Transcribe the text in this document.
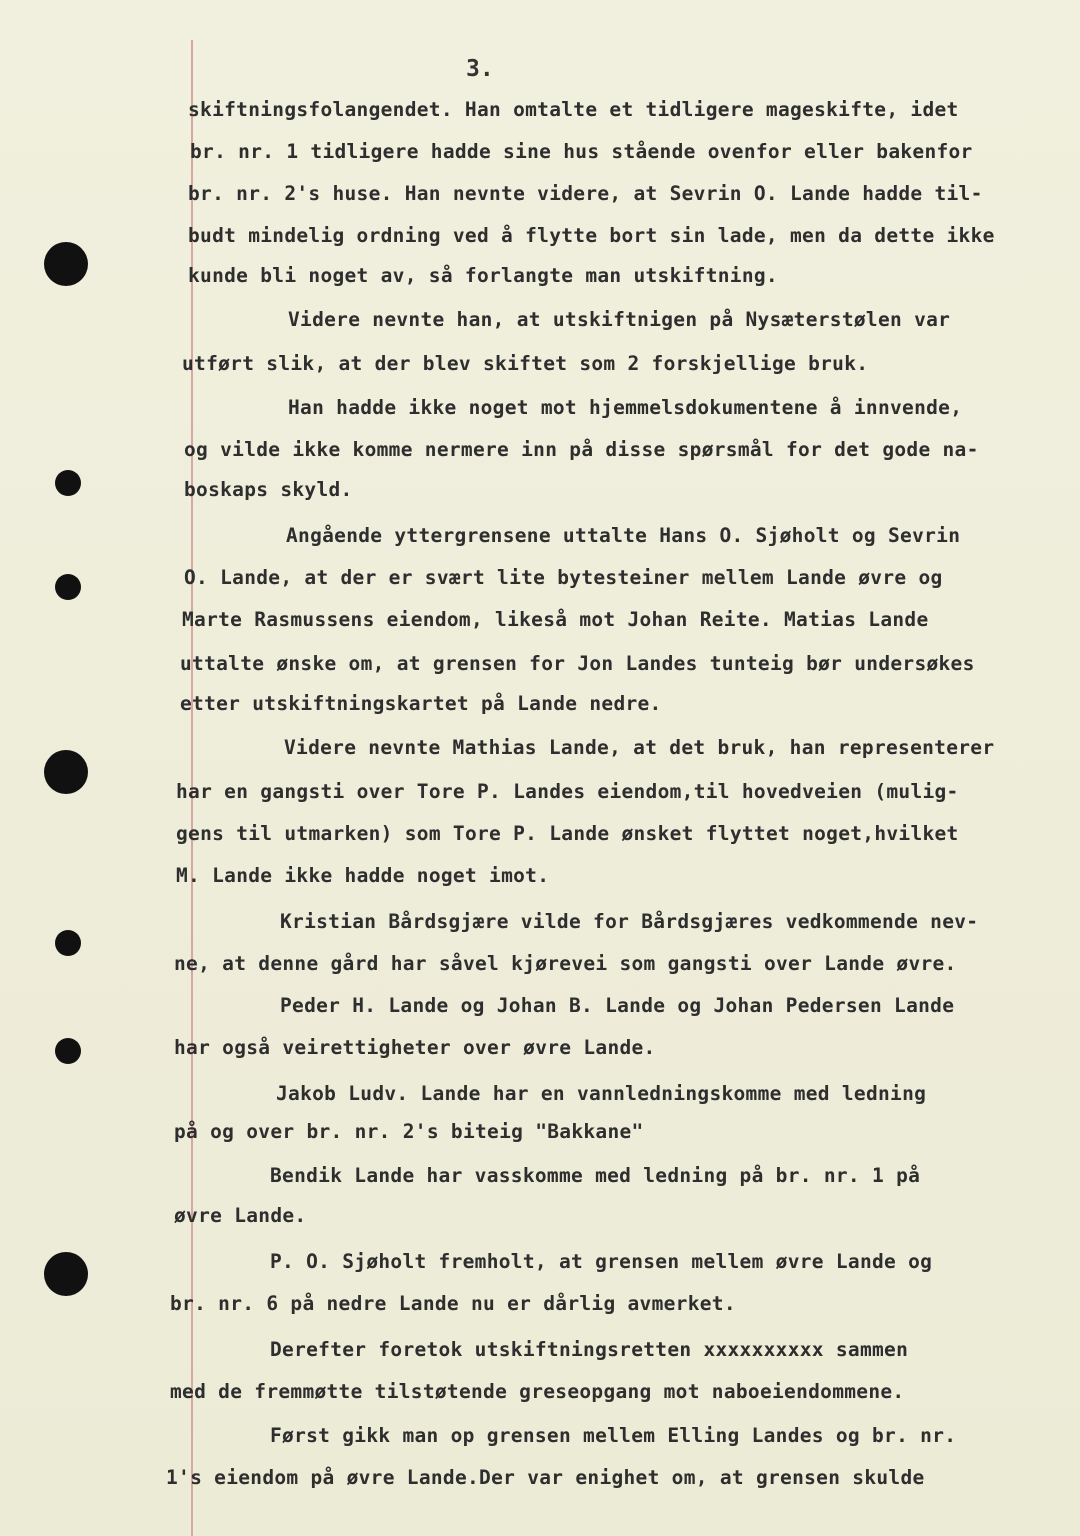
3.
skiftningsfolangendet. Han omtalte et tidligere mageskifte, idet
br. nr. 1 tidligere hadde sine hus stående ovenfor eller bakenfor
br. nr. 2's huse. Han nevnte videre, at Sevrin O. Lande hadde til-
budt mindelig ordning ved å flytte bort sin lade, men da dette ikke
kunde bli noget av, så forlangte man utskiftning.
Videre nevnte han, at utskiftnigen på Nysæterstølen var
utført slik, at der blev skiftet som 2 forskjellige bruk.
Han hadde ikke noget mot hjemmelsdokumentene å innvende,
og vilde ikke komme nermere inn på disse spørsmål for det gode na-
boskaps skyld.
Angående yttergrensene uttalte Hans O. Sjøholt og Sevrin
O. Lande, at der er svært lite bytesteiner mellem Lande øvre og
Marte Rasmussens eiendom, likeså mot Johan Reite. Matias Lande
uttalte ønske om, at grensen for Jon Landes tunteig bør undersøkes
etter utskiftningskartet på Lande nedre.
Videre nevnte Mathias Lande, at det bruk, han representerer
har en gangsti over Tore P. Landes eiendom,til hovedveien (mulig-
gens til utmarken) som Tore P. Lande ønsket flyttet noget,hvilket
M. Lande ikke hadde noget imot.
Kristian Bårdsgjære vilde for Bårdsgjæres vedkommende nev-
ne, at denne gård har såvel kjørevei som gangsti over Lande øvre.
Peder H. Lande og Johan B. Lande og Johan Pedersen Lande
har også veirettigheter over øvre Lande.
Jakob Ludv. Lande har en vannledningskomme med ledning
på og over br. nr. 2's biteig "Bakkane"
Bendik Lande har vasskomme med ledning på br. nr. 1 på
øvre Lande.
P. O. Sjøholt fremholt, at grensen mellem øvre Lande og
br. nr. 6 på nedre Lande nu er dårlig avmerket.
Derefter foretok utskiftningsretten xxxxxxxxxx sammen
med de fremmøtte tilstøtende greseopgang mot naboeiendommene.
Først gikk man op grensen mellem Elling Landes og br. nr.
1's eiendom på øvre Lande.Der var enighet om, at grensen skulde
